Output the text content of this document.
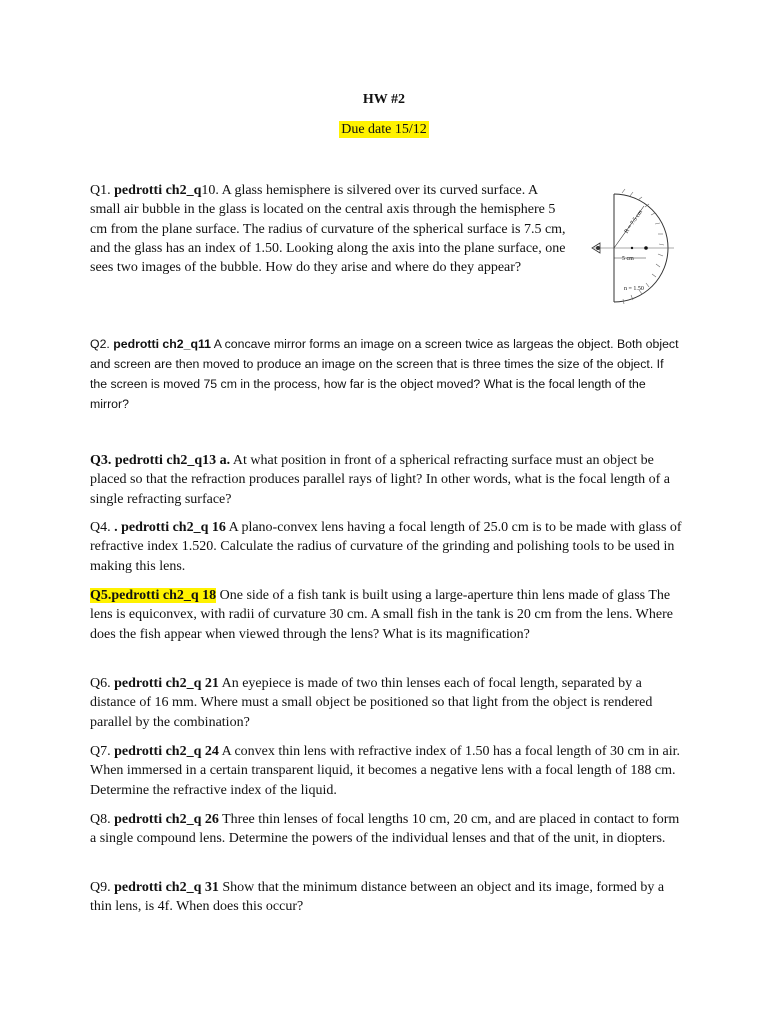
HW #2
Due date 15/12

Q1. pedrotti ch2_q10. A glass hemisphere is silvered over its curved surface. A small air bubble in the glass is located on the central axis through the hemisphere 5 cm from the plane surface. The radius of curvature of the spherical surface is 7.5 cm, and the glass has an index of 1.50. Looking along the axis into the plane surface, one sees two images of the bubble. How do they arise and where do they appear?

R = 7.5 cm
5 cm
n = 1.50

Q2. pedrotti ch2_q11 A concave mirror forms an image on a screen twice as largeas the object. Both object and screen are then moved to produce an image on the screen that is three times the size of the object. If the screen is moved 75 cm in the process, how far is the object moved? What is the focal length of the mirror?

Q3. pedrotti ch2_q13 a. At what position in front of a spherical refracting surface must an object be placed so that the refraction produces parallel rays of light? In other words, what is the focal length of a single refracting surface?

Q4. . pedrotti ch2_q 16 A plano-convex lens having a focal length of 25.0 cm is to be made with glass of refractive index 1.520. Calculate the radius of curvature of the grinding and polishing tools to be used in making this lens.

Q5.pedrotti ch2_q 18 One side of a fish tank is built using a large-aperture thin lens made of glass The lens is equiconvex, with radii of curvature 30 cm. A small fish in the tank is 20 cm from the lens. Where does the fish appear when viewed through the lens? What is its magnification?

Q6. pedrotti ch2_q 21 An eyepiece is made of two thin lenses each of focal length, separated by a distance of 16 mm. Where must a small object be positioned so that light from the object is rendered parallel by the combination?

Q7. pedrotti ch2_q 24 A convex thin lens with refractive index of 1.50 has a focal length of 30 cm in air. When immersed in a certain transparent liquid, it becomes a negative lens with a focal length of 188 cm. Determine the refractive index of the liquid.

Q8. pedrotti ch2_q 26 Three thin lenses of focal lengths 10 cm, 20 cm, and are placed in contact to form a single compound lens. Determine the powers of the individual lenses and that of the unit, in diopters.

Q9. pedrotti ch2_q 31 Show that the minimum distance between an object and its image, formed by a thin lens, is 4f. When does this occur?
